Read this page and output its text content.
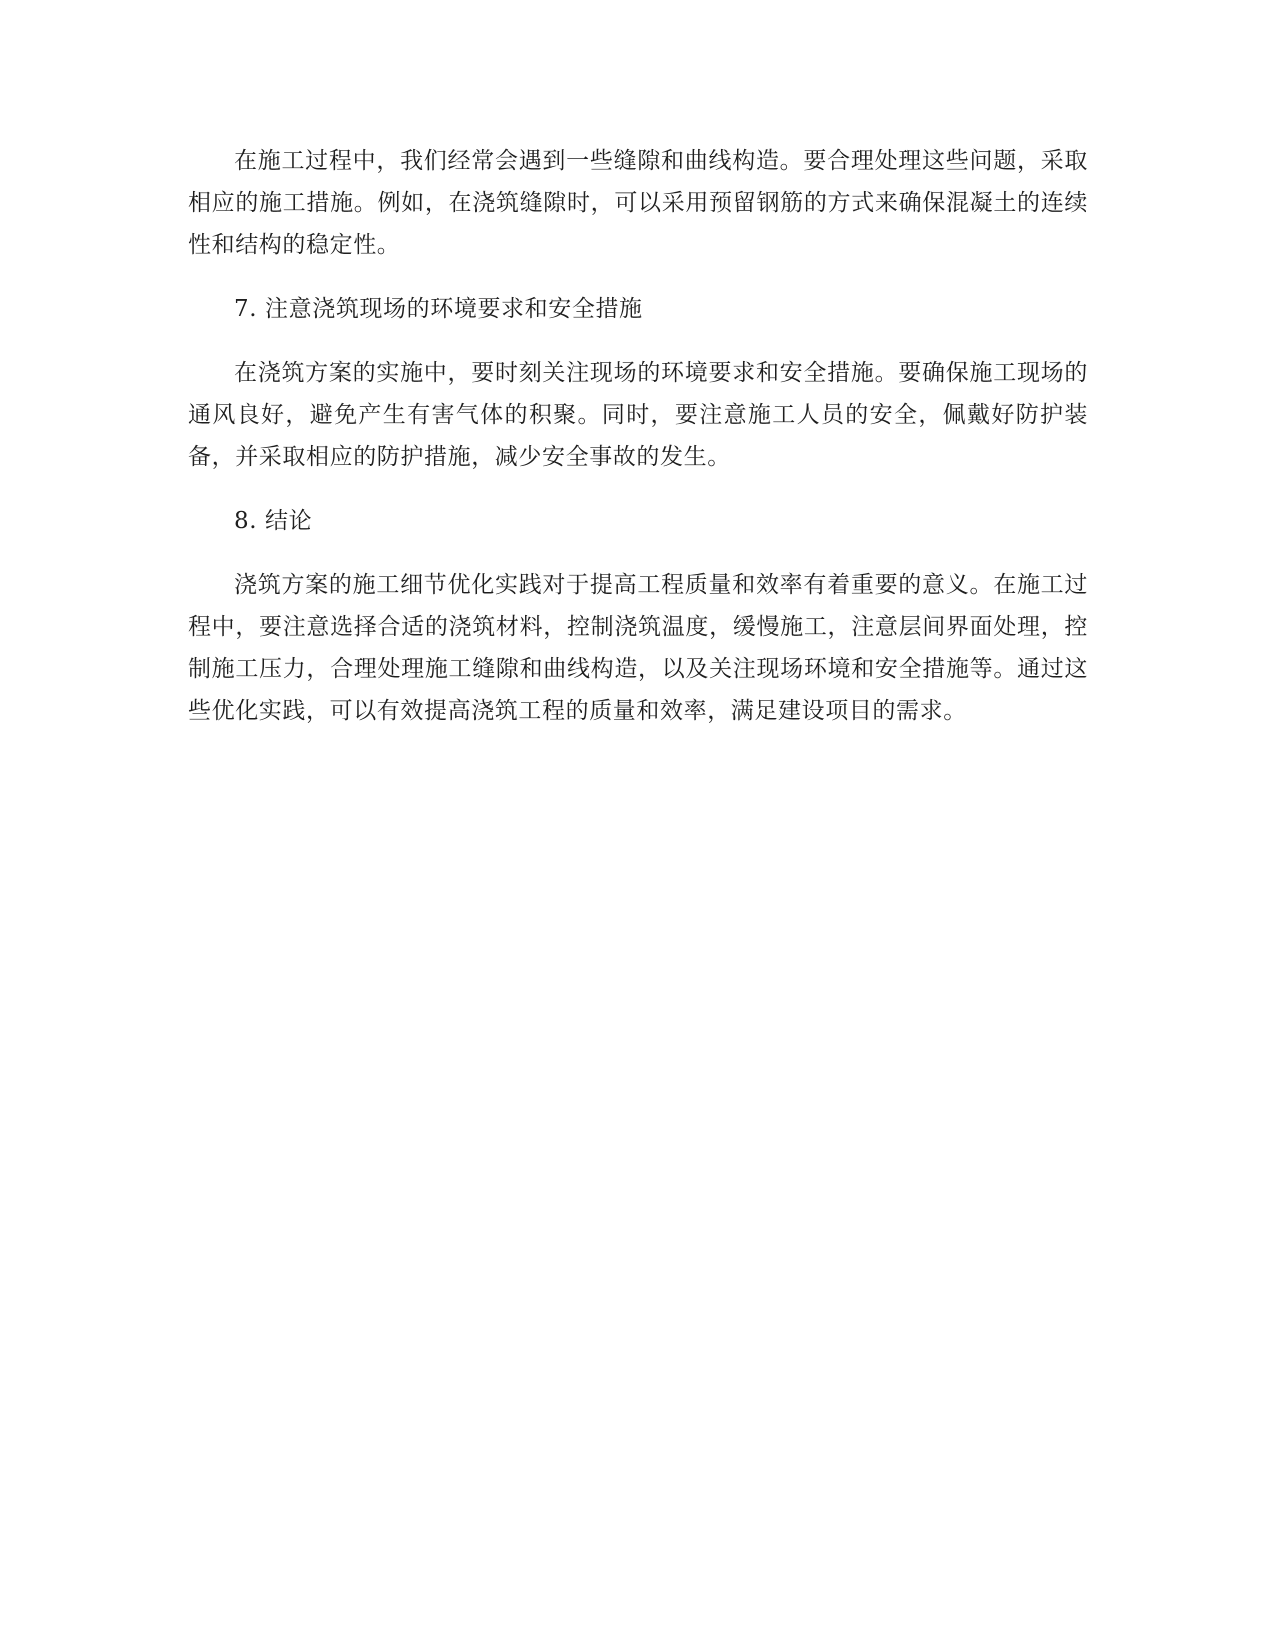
在施工过程中，我们经常会遇到一些缝隙和曲线构造。要合理处理这些问题，采取相应的施工措施。例如，在浇筑缝隙时，可以采用预留钢筋的方式来确保混凝土的连续性和结构的稳定性。

7. 注意浇筑现场的环境要求和安全措施

在浇筑方案的实施中，要时刻关注现场的环境要求和安全措施。要确保施工现场的通风良好，避免产生有害气体的积聚。同时，要注意施工人员的安全，佩戴好防护装备，并采取相应的防护措施，减少安全事故的发生。

8. 结论

浇筑方案的施工细节优化实践对于提高工程质量和效率有着重要的意义。在施工过程中，要注意选择合适的浇筑材料，控制浇筑温度，缓慢施工，注意层间界面处理，控制施工压力，合理处理施工缝隙和曲线构造，以及关注现场环境和安全措施等。通过这些优化实践，可以有效提高浇筑工程的质量和效率，满足建设项目的需求。
